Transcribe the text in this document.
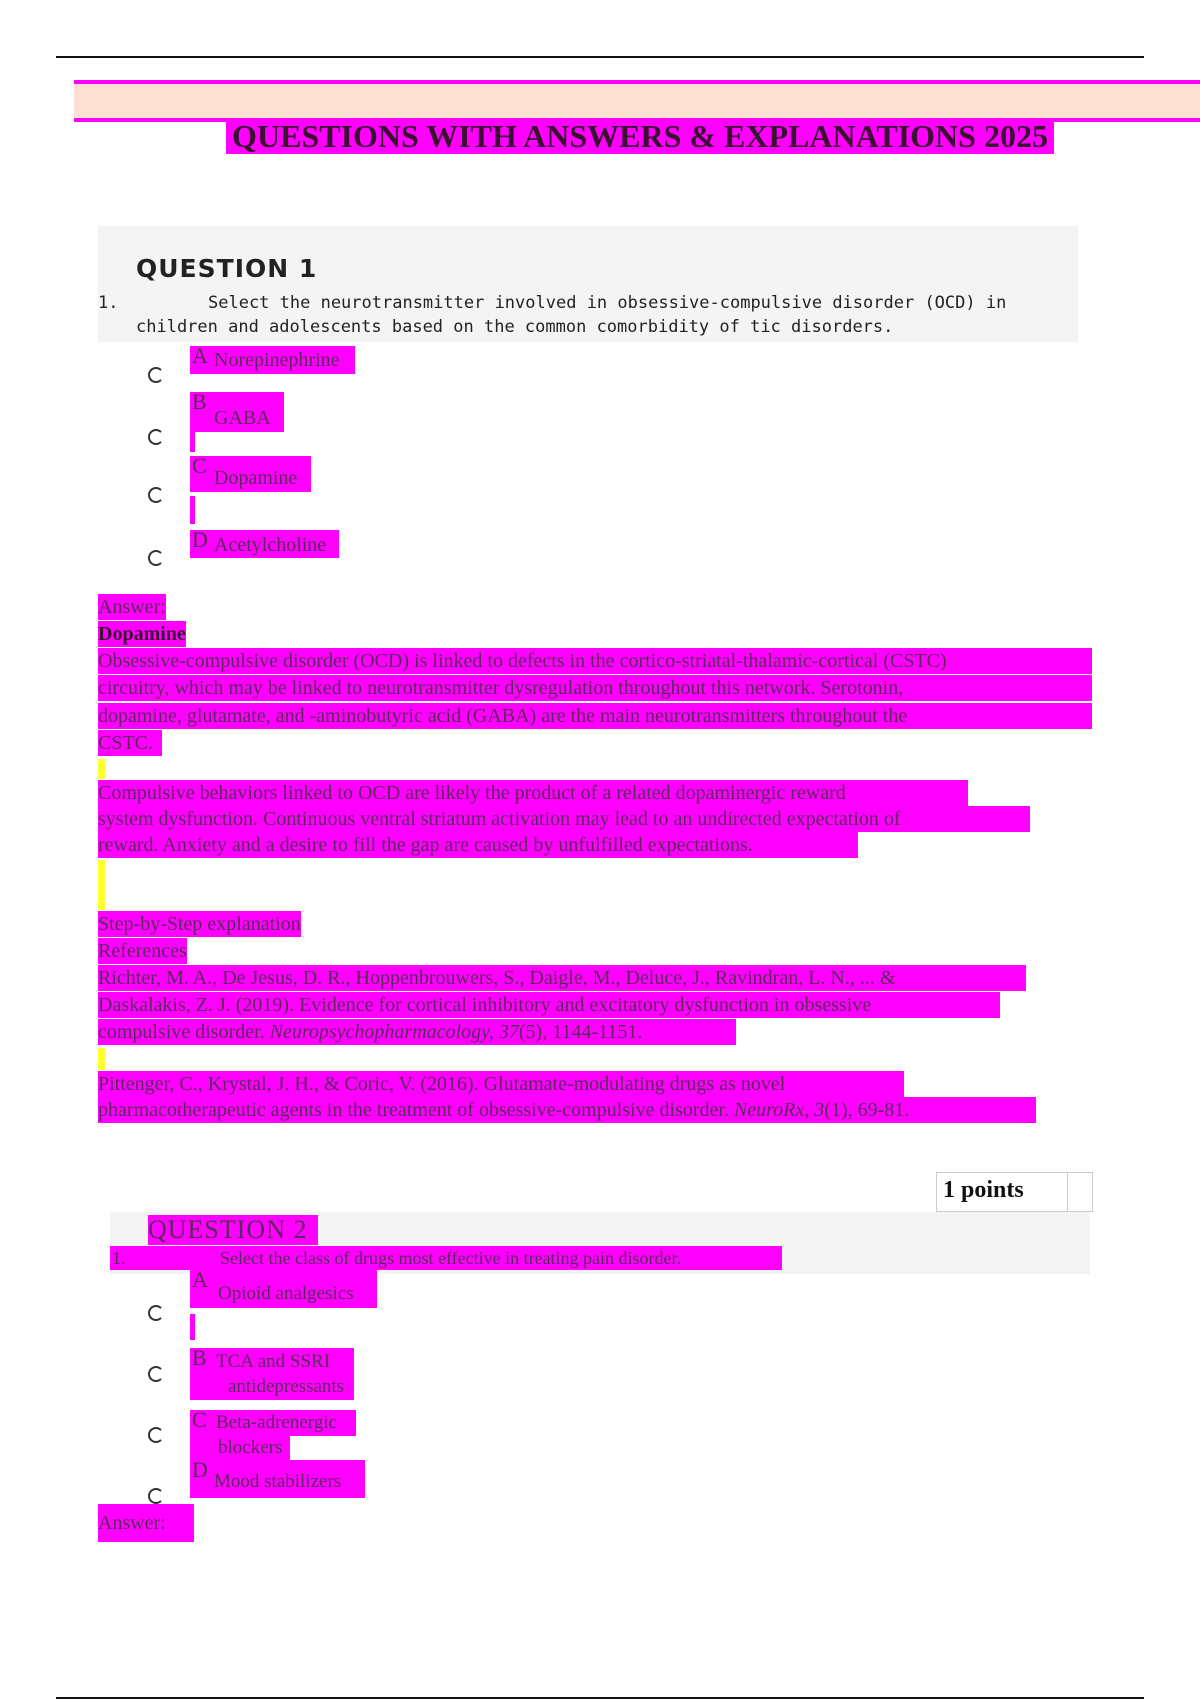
QUESTIONS WITH ANSWERS & EXPLANATIONS 2025
QUESTION 1
1.	Select the neurotransmitter involved in obsessive-compulsive disorder (OCD) in
children and adolescents based on the common comorbidity of tic disorders.
A Norepinephrine
B
GABA
C Dopamine
D Acetylcholine
Answer:
Dopamine
Obsessive-compulsive disorder (OCD) is linked to defects in the cortico-striatal-thalamic-cortical (CSTC)
circuitry, which may be linked to neurotransmitter dysregulation throughout this network. Serotonin,
dopamine, glutamate, and -aminobutyric acid (GABA) are the main neurotransmitters throughout the
CSTC.
Compulsive behaviors linked to OCD are likely the product of a related dopaminergic reward
system dysfunction. Continuous ventral striatum activation may lead to an undirected expectation of
reward. Anxiety and a desire to fill the gap are caused by unfulfilled expectations.
Step-by-Step explanation
References
Richter, M. A., De Jesus, D. R., Hoppenbrouwers, S., Daigle, M., Deluce, J., Ravindran, L. N., ... &
Daskalakis, Z. J. (2019). Evidence for cortical inhibitory and excitatory dysfunction in obsessive
compulsive disorder. Neuropsychopharmacology, 37(5), 1144-1151.
Pittenger, C., Krystal, J. H., & Coric, V. (2016). Glutamate-modulating drugs as novel
pharmacotherapeutic agents in the treatment of obsessive-compulsive disorder. NeuroRx, 3(1), 69-81.
1 points
QUESTION 2
1.	Select the class of drugs most effective in treating pain disorder.
A
Opioid analgesics
B TCA and SSRI
antidepressants
C Beta-adrenergic
blockers
D Mood stabilizers
Answer:
